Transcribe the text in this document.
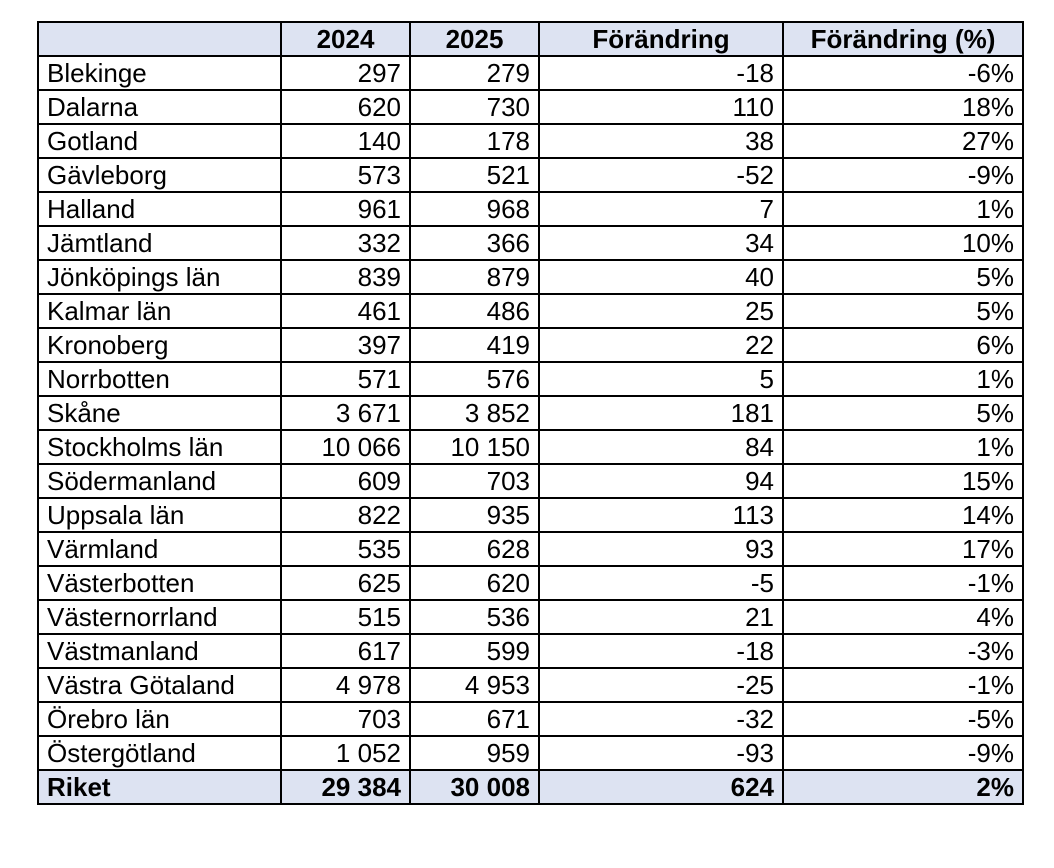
	2024	2025	Förändring	Förändring (%)
Blekinge	297	279	-18	-6%
Dalarna	620	730	110	18%
Gotland	140	178	38	27%
Gävleborg	573	521	-52	-9%
Halland	961	968	7	1%
Jämtland	332	366	34	10%
Jönköpings län	839	879	40	5%
Kalmar län	461	486	25	5%
Kronoberg	397	419	22	6%
Norrbotten	571	576	5	1%
Skåne	3 671	3 852	181	5%
Stockholms län	10 066	10 150	84	1%
Södermanland	609	703	94	15%
Uppsala län	822	935	113	14%
Värmland	535	628	93	17%
Västerbotten	625	620	-5	-1%
Västernorrland	515	536	21	4%
Västmanland	617	599	-18	-3%
Västra Götaland	4 978	4 953	-25	-1%
Örebro län	703	671	-32	-5%
Östergötland	1 052	959	-93	-9%
Riket	29 384	30 008	624	2%
